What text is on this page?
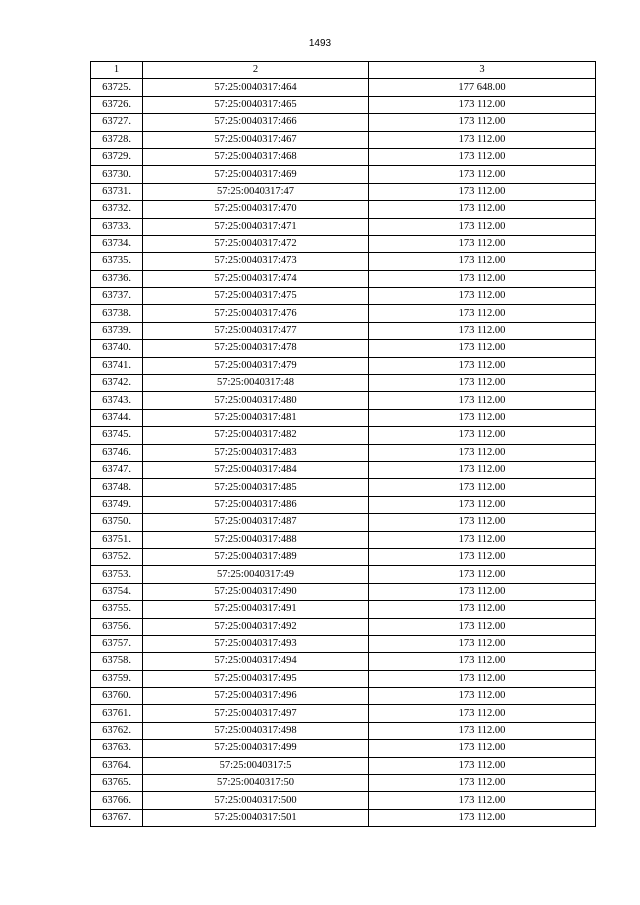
1493
1	2	3
63725.	57:25:0040317:464	177 648.00
63726.	57:25:0040317:465	173 112.00
63727.	57:25:0040317:466	173 112.00
63728.	57:25:0040317:467	173 112.00
63729.	57:25:0040317:468	173 112.00
63730.	57:25:0040317:469	173 112.00
63731.	57:25:0040317:47	173 112.00
63732.	57:25:0040317:470	173 112.00
63733.	57:25:0040317:471	173 112.00
63734.	57:25:0040317:472	173 112.00
63735.	57:25:0040317:473	173 112.00
63736.	57:25:0040317:474	173 112.00
63737.	57:25:0040317:475	173 112.00
63738.	57:25:0040317:476	173 112.00
63739.	57:25:0040317:477	173 112.00
63740.	57:25:0040317:478	173 112.00
63741.	57:25:0040317:479	173 112.00
63742.	57:25:0040317:48	173 112.00
63743.	57:25:0040317:480	173 112.00
63744.	57:25:0040317:481	173 112.00
63745.	57:25:0040317:482	173 112.00
63746.	57:25:0040317:483	173 112.00
63747.	57:25:0040317:484	173 112.00
63748.	57:25:0040317:485	173 112.00
63749.	57:25:0040317:486	173 112.00
63750.	57:25:0040317:487	173 112.00
63751.	57:25:0040317:488	173 112.00
63752.	57:25:0040317:489	173 112.00
63753.	57:25:0040317:49	173 112.00
63754.	57:25:0040317:490	173 112.00
63755.	57:25:0040317:491	173 112.00
63756.	57:25:0040317:492	173 112.00
63757.	57:25:0040317:493	173 112.00
63758.	57:25:0040317:494	173 112.00
63759.	57:25:0040317:495	173 112.00
63760.	57:25:0040317:496	173 112.00
63761.	57:25:0040317:497	173 112.00
63762.	57:25:0040317:498	173 112.00
63763.	57:25:0040317:499	173 112.00
63764.	57:25:0040317:5	173 112.00
63765.	57:25:0040317:50	173 112.00
63766.	57:25:0040317:500	173 112.00
63767.	57:25:0040317:501	173 112.00
